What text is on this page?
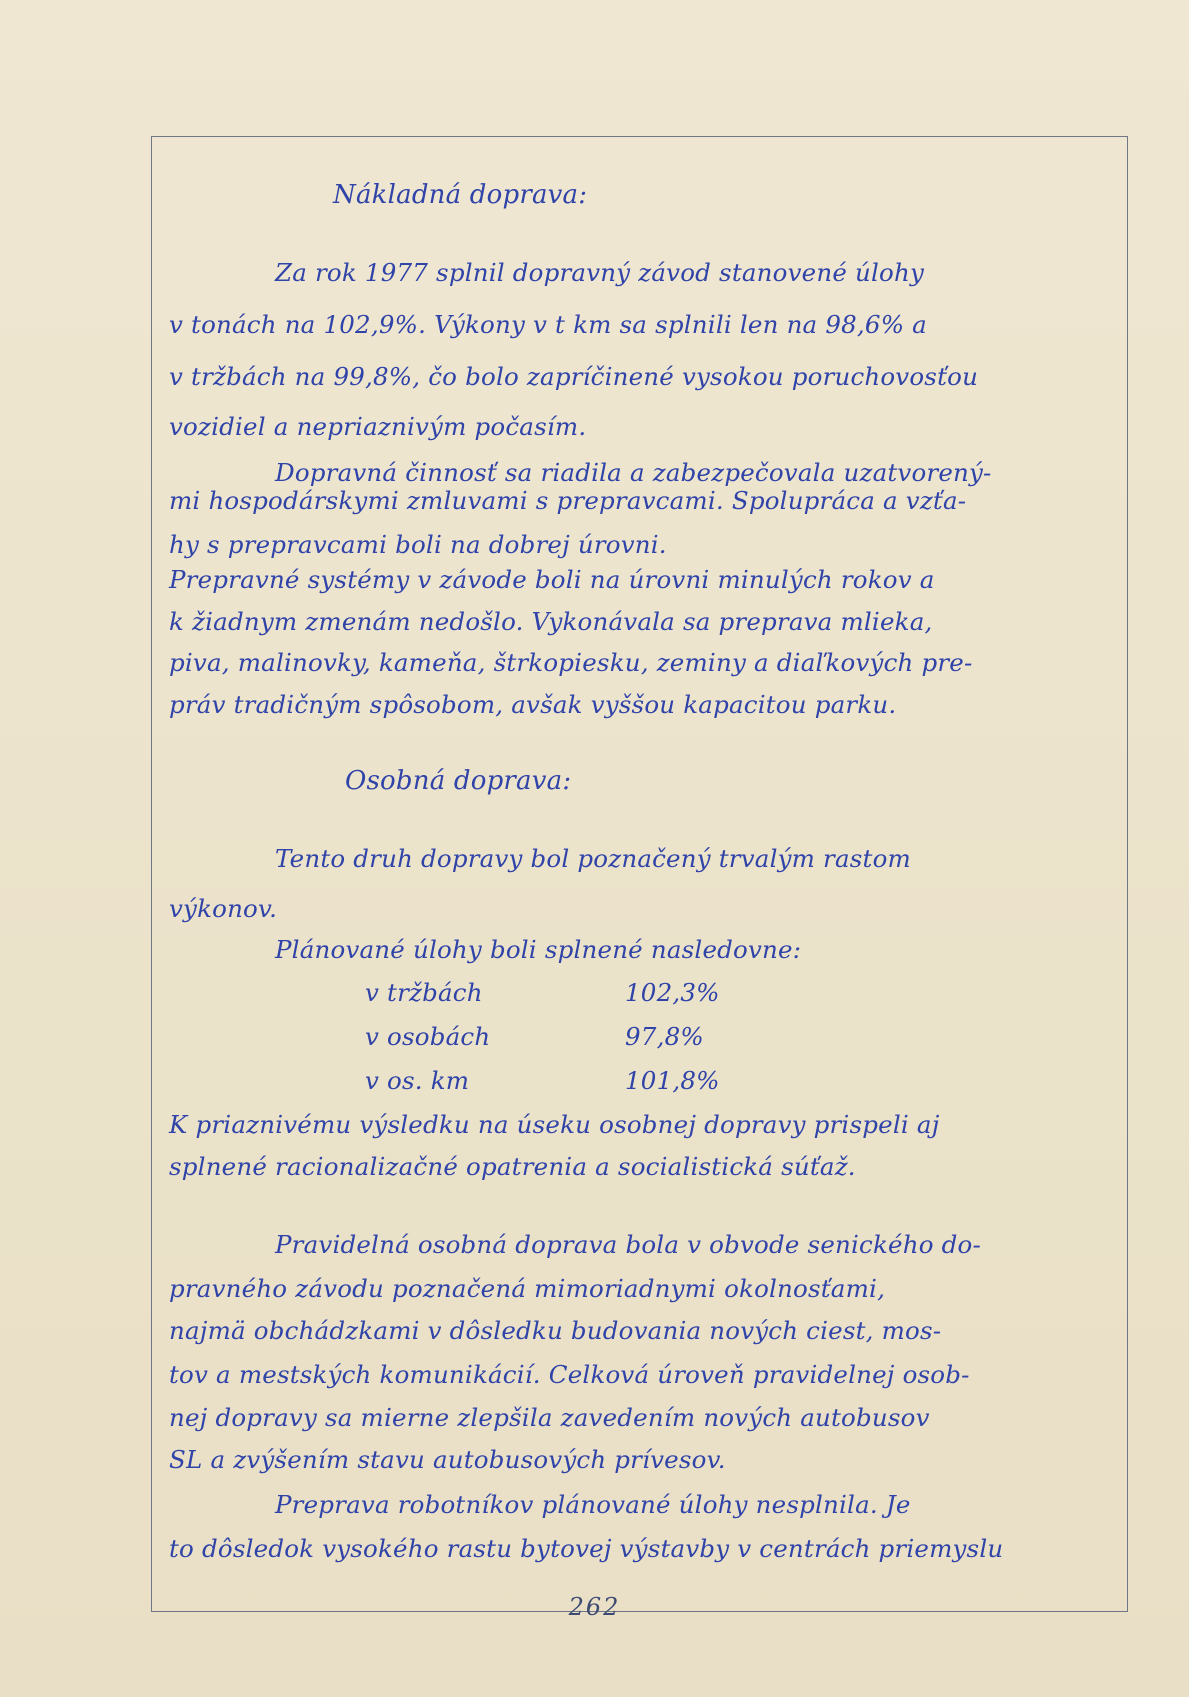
Nákladná doprava:
Za rok 1977 splnil dopravný závod stanovené úlohy
v tonách na 102,9%. Výkony v t km sa splnili len na 98,6% a
v tržbách na 99,8%, čo bolo zapríčinené vysokou poruchovosťou
vozidiel a nepriaznivým počasím.
Dopravná činnosť sa riadila a zabezpečovala uzatvorený-
mi hospodárskymi zmluvami s prepravcami. Spolupráca a vzťa-
hy s prepravcami boli na dobrej úrovni.
Prepravné systémy v závode boli na úrovni minulých rokov a
k žiadnym zmenám nedošlo. Vykonávala sa preprava mlieka,
piva, malinovky, kameňa, štrkopiesku, zeminy a diaľkových pre-
práv tradičným spôsobom, avšak vyššou kapacitou parku.
Osobná doprava:
Tento druh dopravy bol poznačený trvalým rastom
výkonov.
Plánované úlohy boli splnené nasledovne:
v tržbách	102,3%
v osobách	97,8%
v os. km	101,8%
K priaznivému výsledku na úseku osobnej dopravy prispeli aj
splnené racionalizačné opatrenia a socialistická súťaž.
Pravidelná osobná doprava bola v obvode senického do-
pravného závodu poznačená mimoriadnymi okolnosťami,
najmä obchádzkami v dôsledku budovania nových ciest, mos-
tov a mestských komunikácií. Celková úroveň pravidelnej osob-
nej dopravy sa mierne zlepšila zavedením nových autobusov
SL a zvýšením stavu autobusových prívesov.
Preprava robotníkov plánované úlohy nesplnila. Je
to dôsledok vysokého rastu bytovej výstavby v centrách priemyslu
262
